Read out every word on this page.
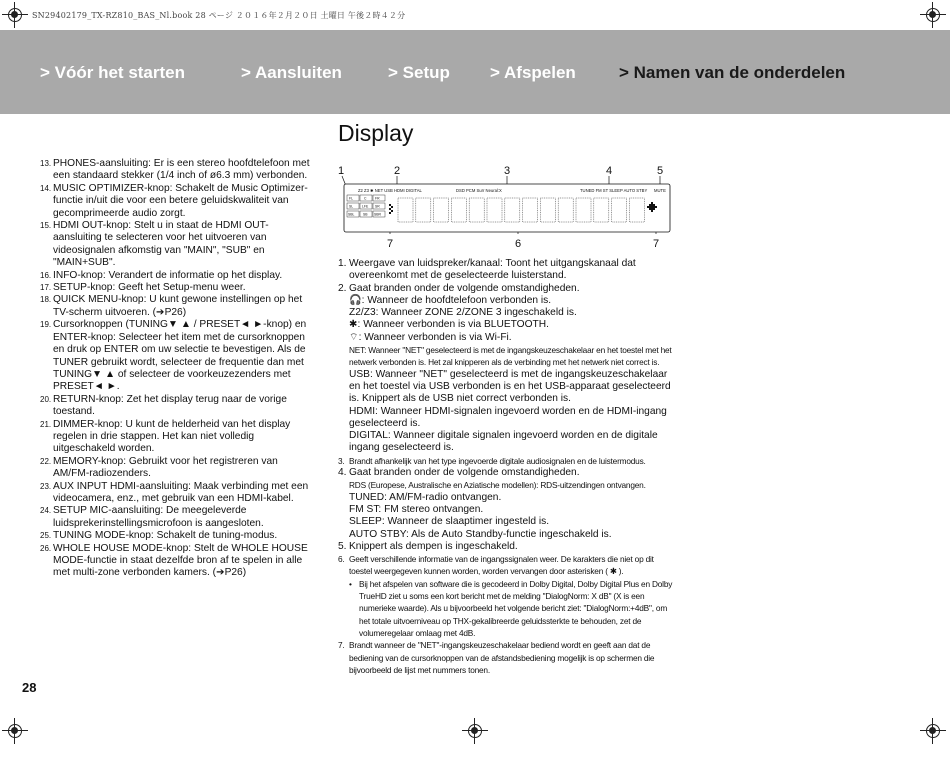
SN29402179_TX-RZ810_BAS_Nl.book 28 ページ ２０１６年２月２０日 土曜日 午後２時４２分
> Vóór het starten	> Aansluiten	> Setup > Afspelen	> Namen van de onderdelen
Display
13. PHONES-aansluiting: Er is een stereo hoofdtelefoon met een standaard stekker (1/4 inch of ø6.3 mm) verbonden.
14. MUSIC OPTIMIZER-knop: Schakelt de Music Optimizer-functie in/uit die voor een betere geluidskwaliteit van gecomprimeerde audio zorgt.
15. HDMI OUT-knop: Stelt u in staat de HDMI OUT-aansluiting te selecteren voor het uitvoeren van videosignalen afkomstig van "MAIN", "SUB" en "MAIN+SUB".
16. INFO-knop: Verandert de informatie op het display.
17. SETUP-knop: Geeft het Setup-menu weer.
18. QUICK MENU-knop: U kunt gewone instellingen op het TV-scherm uitvoeren. (➔P26)
19. Cursorknoppen (TUNING▼ ▲ / PRESET◄ ►-knop) en ENTER-knop: Selecteer het item met de cursorknoppen en druk op ENTER om uw selectie te bevestigen. Als de TUNER gebruikt wordt, selecteer de frequentie dan met TUNING▼ ▲ of selecteer de voorkeuzezenders met PRESET◄ ►.
20. RETURN-knop: Zet het display terug naar de vorige toestand.
21. DIMMER-knop: U kunt de helderheid van het display regelen in drie stappen. Het kan niet volledig uitgeschakeld worden.
22. MEMORY-knop: Gebruikt voor het registreren van AM/FM-radiozenders.
23. AUX INPUT HDMI-aansluiting: Maak verbinding met een videocamera, enz., met gebruik van een HDMI-kabel.
24. SETUP MIC-aansluiting: De meegeleverde luidsprekerinstellingsmicrofoon is aangesloten.
25. TUNING MODE-knop: Schakelt de tuning-modus.
26. WHOLE HOUSE MODE-knop: Stelt de WHOLE HOUSE MODE-functie in staat dezelfde bron af te spelen in alle met multi-zone verbonden kamers. (➔P26)
28
1	2	3	4	5
7	6	7
Z2 Z3 ✱ NET USB HDMI DIGITAL	DSD PCM Surr Neural:X	TUNED FM ST SLEEP AUTO STBY MUTE
FL	C	FR
SL	LFE SR
SBL	SB SBR
1. Weergave van luidspreker/kanaal: Toont het uitgangskanaal dat overeenkomt met de geselecteerde luisterstand.
2. Gaat branden onder de volgende omstandigheden.
🎧: Wanneer de hoofdtelefoon verbonden is.
Z2/Z3: Wanneer ZONE 2/ZONE 3 ingeschakeld is.
✱: Wanneer verbonden is via BLUETOOTH.
⌔: Wanneer verbonden is via Wi-Fi.
NET: Wanneer "NET" geselecteerd is met de ingangskeuzeschakelaar en het toestel met het netwerk verbonden is. Het zal knipperen als de verbinding met het netwerk niet correct is.
USB: Wanneer "NET" geselecteerd is met de ingangskeuzeschakelaar en het toestel via USB verbonden is en het USB-apparaat geselecteerd is. Knippert als de USB niet correct verbonden is.
HDMI: Wanneer HDMI-signalen ingevoerd worden en de HDMI-ingang geselecteerd is.
DIGITAL: Wanneer digitale signalen ingevoerd worden en de digitale ingang geselecteerd is.
3. Brandt afhankelijk van het type ingevoerde digitale audiosignalen en de luistermodus.
4. Gaat branden onder de volgende omstandigheden.
RDS (Europese, Australische en Aziatische modellen): RDS-uitzendingen ontvangen.
TUNED: AM/FM-radio ontvangen.
FM ST: FM stereo ontvangen.
SLEEP: Wanneer de slaaptimer ingesteld is.
AUTO STBY: Als de Auto Standby-functie ingeschakeld is.
5. Knippert als dempen is ingeschakeld.
6. Geeft verschillende informatie van de ingangssignalen weer. De karakters die niet op dit toestel weergegeven kunnen worden, worden vervangen door asterisken ( ✱ ).
• Bij het afspelen van software die is gecodeerd in Dolby Digital, Dolby Digital Plus en Dolby TrueHD ziet u soms een kort bericht met de melding "DialogNorm: X dB" (X is een numerieke waarde). Als u bijvoorbeeld het volgende bericht ziet: "DialogNorm:+4dB", om het totale uitvoerniveau op THX-gekalibreerde geluidssterkte te behouden, zet de volumeregelaar omlaag met 4dB.
7. Brandt wanneer de "NET"-ingangskeuzeschakelaar bediend wordt en geeft aan dat de bediening van de cursorknoppen van de afstandsbediening mogelijk is op schermen die bijvoorbeeld de lijst met nummers tonen.
